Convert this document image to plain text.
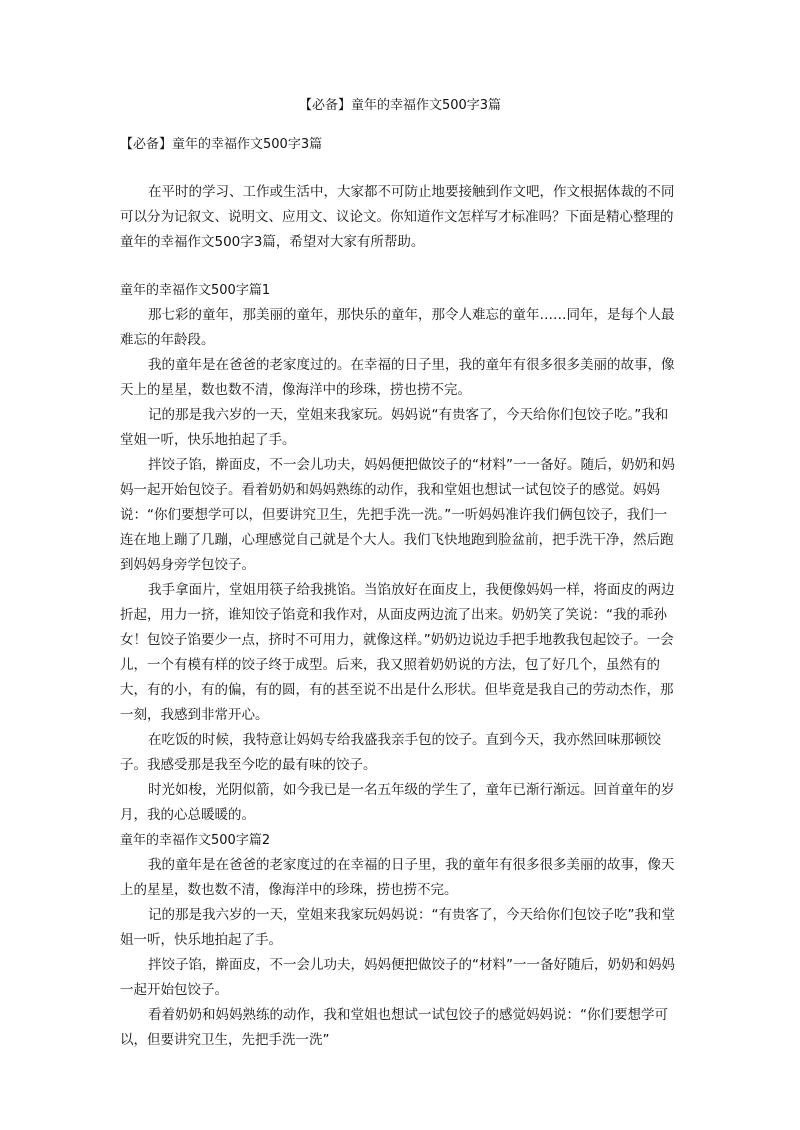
【必备】童年的幸福作文500字3篇
【必备】童年的幸福作文500字3篇

在平时的学习、工作或生活中，大家都不可防止地要接触到作文吧，作文根据体裁的不同可以分为记叙文、说明文、应用文、议论文。你知道作文怎样写才标准吗？下面是精心整理的童年的幸福作文500字3篇，希望对大家有所帮助。

童年的幸福作文500字篇1

那七彩的童年，那美丽的童年，那快乐的童年，那令人难忘的童年……同年，是每个人最难忘的年龄段。

我的童年是在爸爸的老家度过的。在幸福的日子里，我的童年有很多很多美丽的故事，像天上的星星，数也数不清，像海洋中的珍珠，捞也捞不完。

记的那是我六岁的一天，堂姐来我家玩。妈妈说“有贵客了，今天给你们包饺子吃。”我和堂姐一听，快乐地拍起了手。

拌饺子馅，擀面皮，不一会儿功夫，妈妈便把做饺子的“材料”一一备好。随后，奶奶和妈妈一起开始包饺子。看着奶奶和妈妈熟练的动作，我和堂姐也想试一试包饺子的感觉。妈妈说：“你们要想学可以，但要讲究卫生，先把手洗一洗。”一听妈妈准许我们俩包饺子，我们一连在地上蹦了几蹦，心理感觉自己就是个大人。我们飞快地跑到脸盆前，把手洗干净，然后跑到妈妈身旁学包饺子。

我手拿面片，堂姐用筷子给我挑馅。当馅放好在面皮上，我便像妈妈一样，将面皮的两边折起，用力一挤，谁知饺子馅竟和我作对，从面皮两边流了出来。奶奶笑了笑说：“我的乖孙女！包饺子馅要少一点，挤时不可用力，就像这样。”奶奶边说边手把手地教我包起饺子。一会儿，一个有模有样的饺子终于成型。后来，我又照着奶奶说的方法，包了好几个，虽然有的大，有的小，有的偏，有的圆，有的甚至说不出是什么形状。但毕竟是我自己的劳动杰作，那一刻，我感到非常开心。

在吃饭的时候，我特意让妈妈专给我盛我亲手包的饺子。直到今天，我亦然回味那顿饺子。我感受那是我至今吃的最有味的饺子。

时光如梭，光阴似箭，如今我已是一名五年级的学生了，童年已渐行渐远。回首童年的岁月，我的心总暖暖的。

童年的幸福作文500字篇2

我的童年是在爸爸的老家度过的在幸福的日子里，我的童年有很多很多美丽的故事，像天上的星星，数也数不清，像海洋中的珍珠，捞也捞不完。

记的那是我六岁的一天，堂姐来我家玩妈妈说：“有贵客了，今天给你们包饺子吃”我和堂姐一听，快乐地拍起了手。

拌饺子馅，擀面皮，不一会儿功夫，妈妈便把做饺子的“材料”一一备好随后，奶奶和妈妈一起开始包饺子。

看着奶奶和妈妈熟练的动作，我和堂姐也想试一试包饺子的感觉妈妈说：“你们要想学可以，但要讲究卫生，先把手洗一洗”
